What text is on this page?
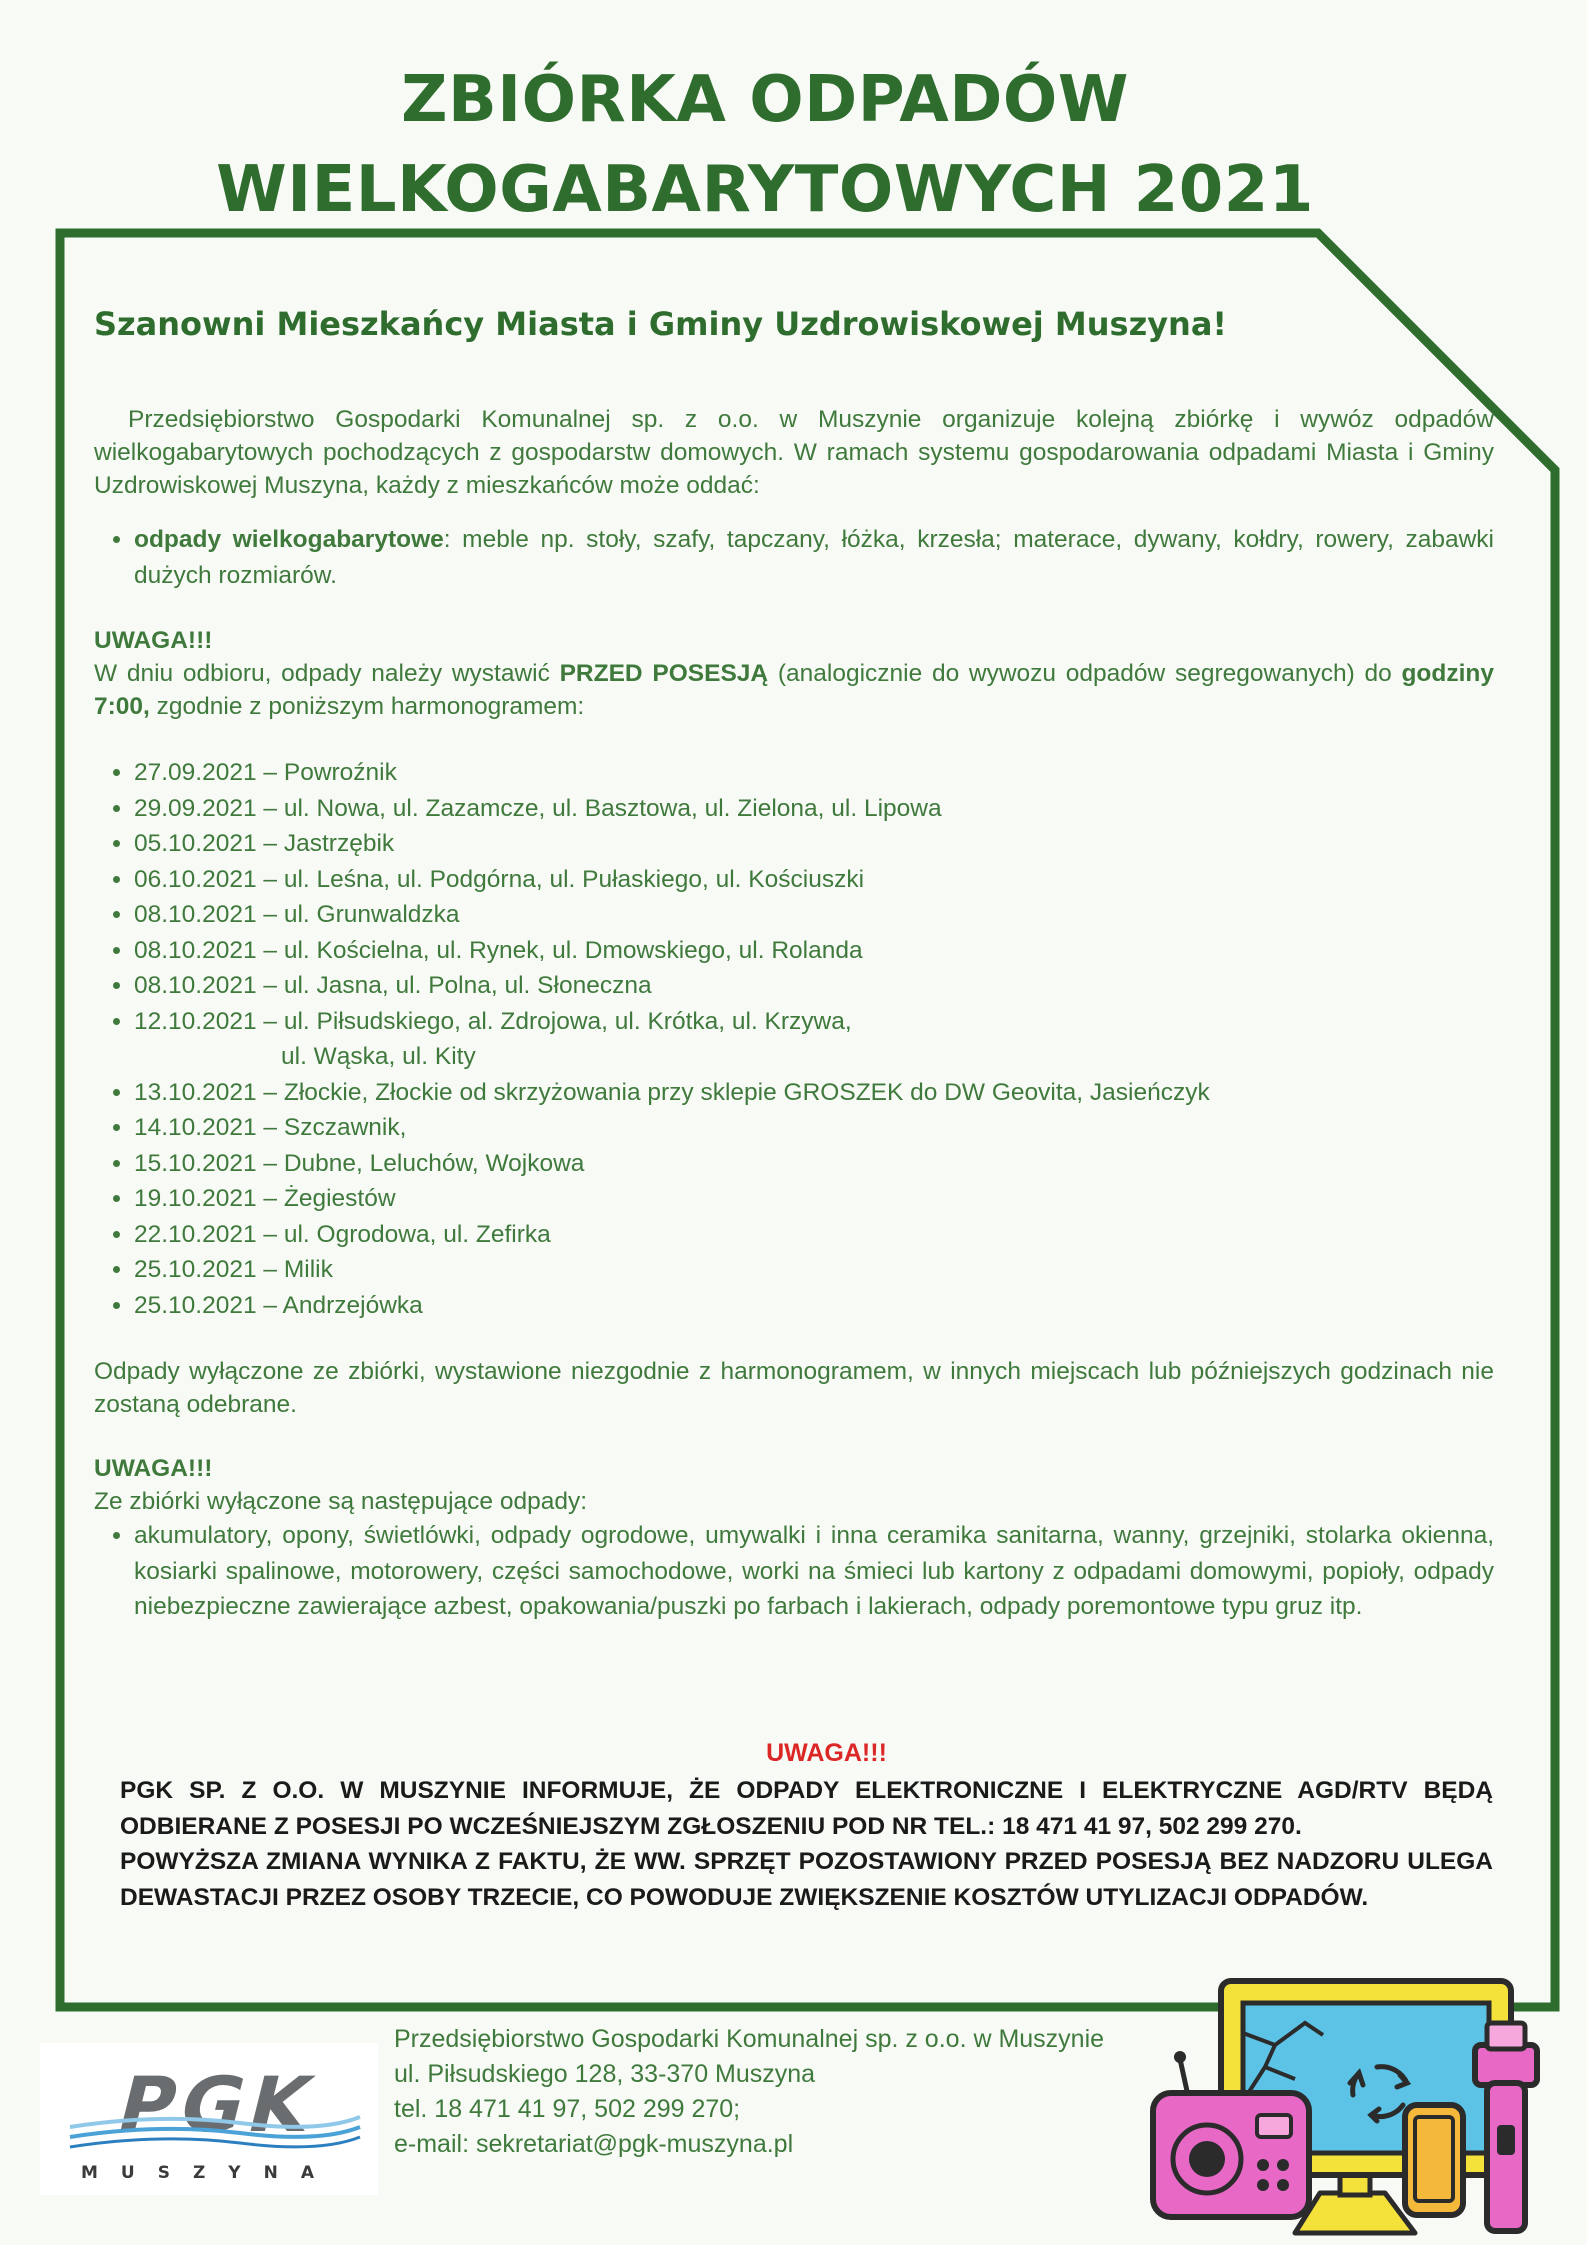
ZBIÓRKA ODPADÓW
WIELKOGABARYTOWYCH 2021
Szanowni Mieszkańcy Miasta i Gminy Uzdrowiskowej Muszyna!

Przedsiębiorstwo Gospodarki Komunalnej sp. z o.o. w Muszynie organizuje kolejną zbiórkę i wywóz odpadów wielkogabarytowych pochodzących z gospodarstw domowych. W ramach systemu gospodarowania odpadami Miasta i Gminy Uzdrowiskowej Muszyna, każdy z mieszkańców może oddać:

• odpady wielkogabarytowe: meble np. stoły, szafy, tapczany, łóżka, krzesła; materace, dywany, kołdry, rowery, zabawki dużych rozmiarów.

UWAGA!!!

W dniu odbioru, odpady należy wystawić PRZED POSESJĄ (analogicznie do wywozu odpadów segregowanych) do godziny 7:00, zgodnie z poniższym harmonogramem:

• 27.09.2021 – Powroźnik
• 29.09.2021 – ul. Nowa, ul. Zazamcze, ul. Basztowa, ul. Zielona, ul. Lipowa
• 05.10.2021 – Jastrzębik
• 06.10.2021 – ul. Leśna, ul. Podgórna, ul. Pułaskiego, ul. Kościuszki
• 08.10.2021 – ul. Grunwaldzka
• 08.10.2021 – ul. Kościelna, ul. Rynek, ul. Dmowskiego, ul. Rolanda
• 08.10.2021 – ul. Jasna, ul. Polna, ul. Słoneczna
• 12.10.2021 – ul. Piłsudskiego, al. Zdrojowa, ul. Krótka, ul. Krzywa,
ul. Wąska, ul. Kity
• 13.10.2021 – Złockie, Złockie od skrzyżowania przy sklepie GROSZEK do DW Geovita, Jasieńczyk
• 14.10.2021 – Szczawnik,
• 15.10.2021 – Dubne, Leluchów, Wojkowa
• 19.10.2021 – Żegiestów
• 22.10.2021 – ul. Ogrodowa, ul. Zefirka
• 25.10.2021 – Milik
• 25.10.2021 – Andrzejówka

Odpady wyłączone ze zbiórki, wystawione niezgodnie z harmonogramem, w innych miejscach lub późniejszych godzinach nie zostaną odebrane.

UWAGA!!!

Ze zbiórki wyłączone są następujące odpady:

• akumulatory, opony, świetlówki, odpady ogrodowe, umywalki i inna ceramika sanitarna, wanny, grzejniki, stolarka okienna, kosiarki spalinowe, motorowery, części samochodowe, worki na śmieci lub kartony z odpadami domowymi, popioły, odpady niebezpieczne zawierające azbest, opakowania/puszki po farbach i lakierach, odpady poremontowe typu gruz itp.

UWAGA!!!

PGK SP. Z O.O. W MUSZYNIE INFORMUJE, ŻE ODPADY ELEKTRONICZNE I ELEKTRYCZNE AGD/RTV BĘDĄ ODBIERANE Z POSESJI PO WCZEŚNIEJSZYM ZGŁOSZENIU POD NR TEL.: 18 471 41 97, 502 299 270.
POWYŻSZA ZMIANA WYNIKA Z FAKTU, ŻE WW. SPRZĘT POZOSTAWIONY PRZED POSESJĄ BEZ NADZORU ULEGA DEWASTACJI PRZEZ OSOBY TRZECIE, CO POWODUJE ZWIĘKSZENIE KOSZTÓW UTYLIZACJI ODPADÓW.

PGK
MUSZYNA
Przedsiębiorstwo Gospodarki Komunalnej sp. z o.o. w Muszynie
ul. Piłsudskiego 128, 33-370 Muszyna
tel. 18 471 41 97, 502 299 270;
e-mail: sekretariat@pgk-muszyna.pl
